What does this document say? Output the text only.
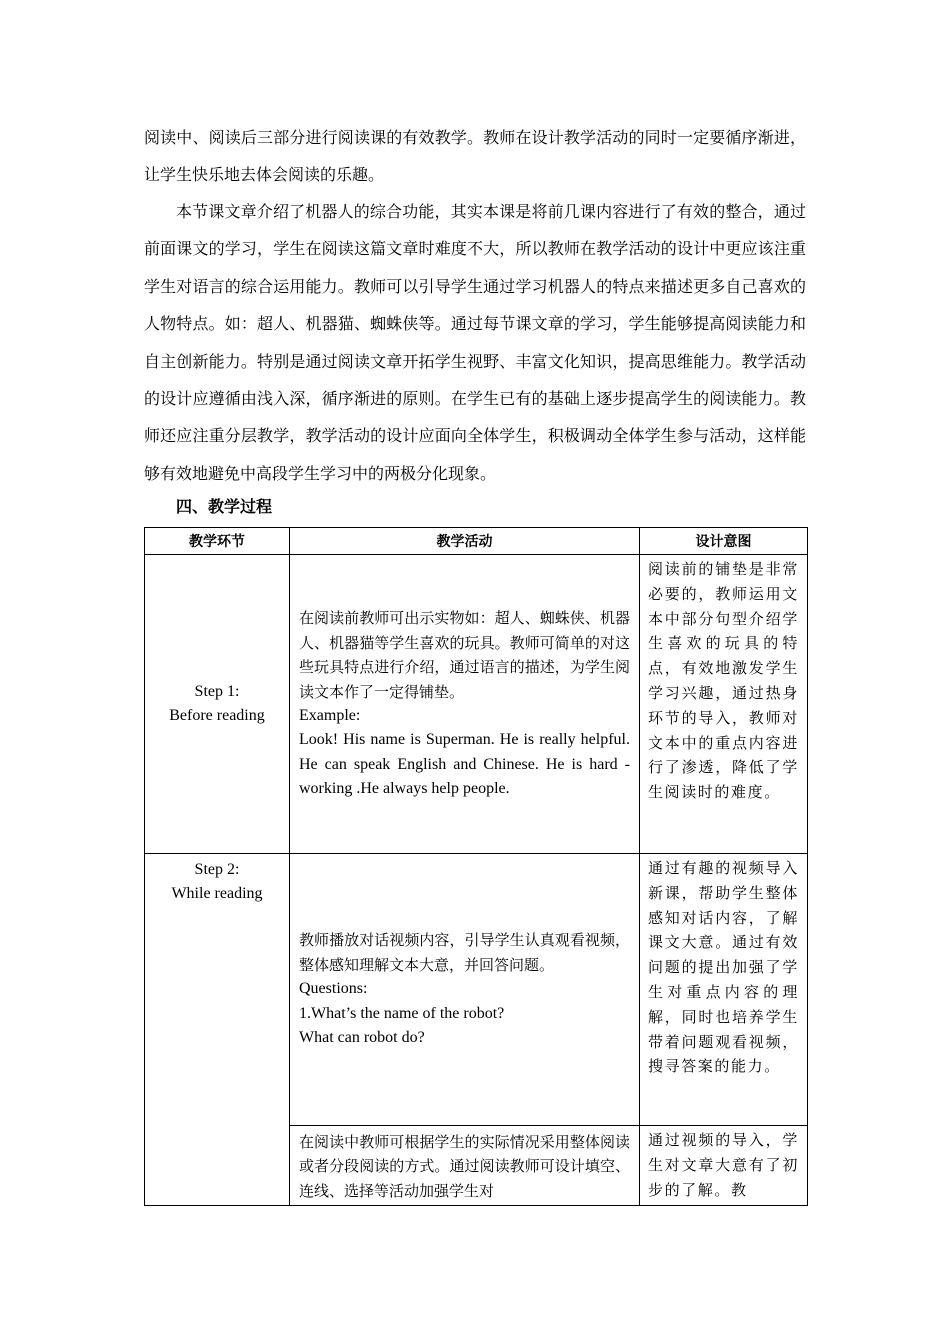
阅读中、阅读后三部分进行阅读课的有效教学。教师在设计教学活动的同时一定要循序渐进，让学生快乐地去体会阅读的乐趣。

本节课文章介绍了机器人的综合功能，其实本课是将前几课内容进行了有效的整合，通过前面课文的学习，学生在阅读这篇文章时难度不大，所以教师在教学活动的设计中更应该注重学生对语言的综合运用能力。教师可以引导学生通过学习机器人的特点来描述更多自己喜欢的人物特点。如：超人、机器猫、蜘蛛侠等。通过每节课文章的学习，学生能够提高阅读能力和自主创新能力。特别是通过阅读文章开拓学生视野、丰富文化知识，提高思维能力。教学活动的设计应遵循由浅入深，循序渐进的原则。在学生已有的基础上逐步提高学生的阅读能力。教师还应注重分层教学，教学活动的设计应面向全体学生，积极调动全体学生参与活动，这样能够有效地避免中高段学生学习中的两极分化现象。

四、教学过程
教学环节	教学活动	设计意图

Step 1:
Before reading	在阅读前教师可出示实物如：超人、蜘蛛侠、机器人、机器猫等学生喜欢的玩具。教师可简单的对这些玩具特点进行介绍，通过语言的描述，为学生阅读文本作了一定得铺垫。
Example:
Look! His name is Superman. He is really helpful. He can speak English and Chinese. He is hard -working .He always help people.	阅读前的铺垫是非常必要的，教师运用文本中部分句型介绍学生喜欢的玩具的特点，有效地激发学生学习兴趣，通过热身环节的导入，教师对文本中的重点内容进行了渗透，降低了学生阅读时的难度。

Step 2:
While reading	教师播放对话视频内容，引导学生认真观看视频，整体感知理解文本大意，并回答问题。
Questions:
1.What’s the name of the robot?
What can robot do?	通过有趣的视频导入新课，帮助学生整体感知对话内容，了解课文大意。通过有效问题的提出加强了学生对重点内容的理解，同时也培养学生带着问题观看视频，搜寻答案的能力。
	在阅读中教师可根据学生的实际情况采用整体阅读或者分段阅读的方式。通过阅读教师可设计填空、连线、选择等活动加强学生对	通过视频的导入，学生对文章大意有了初步的了解。教
